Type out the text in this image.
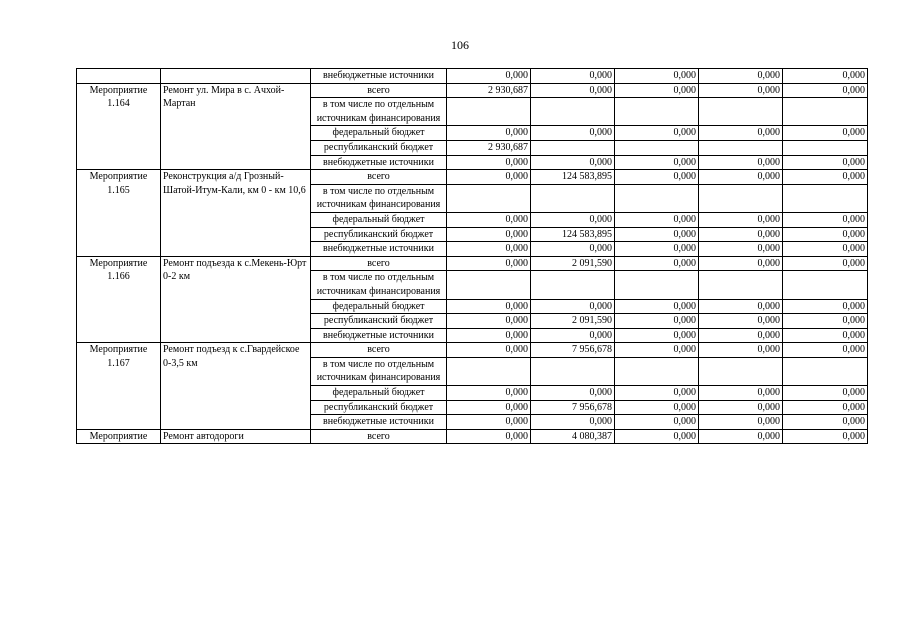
106
		внебюджетные источники	0,000	0,000	0,000	0,000	0,000
Мероприятие 1.164	Ремонт ул. Мира в с. Ачхой-Мартан	всего	2 930,687	0,000	0,000	0,000	0,000
		в том числе по отдельным источникам финансирования					
		федеральный бюджет	0,000	0,000	0,000	0,000	0,000
		республиканский бюджет	2 930,687				
		внебюджетные источники	0,000	0,000	0,000	0,000	0,000
Мероприятие 1.165	Реконструкция а/д Грозный-Шатой-Итум-Кали, км 0 - км 10,6	всего	0,000	124 583,895	0,000	0,000	0,000
		в том числе по отдельным источникам финансирования					
		федеральный бюджет	0,000	0,000	0,000	0,000	0,000
		республиканский бюджет	0,000	124 583,895	0,000	0,000	0,000
		внебюджетные источники	0,000	0,000	0,000	0,000	0,000
Мероприятие 1.166	Ремонт подъезда к с.Мекень-Юрт 0-2 км	всего	0,000	2 091,590	0,000	0,000	0,000
		в том числе по отдельным источникам финансирования					
		федеральный бюджет	0,000	0,000	0,000	0,000	0,000
		республиканский бюджет	0,000	2 091,590	0,000	0,000	0,000
		внебюджетные источники	0,000	0,000	0,000	0,000	0,000
Мероприятие 1.167	Ремонт подъезд к с.Гвардейское 0-3,5 км	всего	0,000	7 956,678	0,000	0,000	0,000
		в том числе по отдельным источникам финансирования					
		федеральный бюджет	0,000	0,000	0,000	0,000	0,000
		республиканский бюджет	0,000	7 956,678	0,000	0,000	0,000
		внебюджетные источники	0,000	0,000	0,000	0,000	0,000
Мероприятие	Ремонт автодороги	всего	0,000	4 080,387	0,000	0,000	0,000
